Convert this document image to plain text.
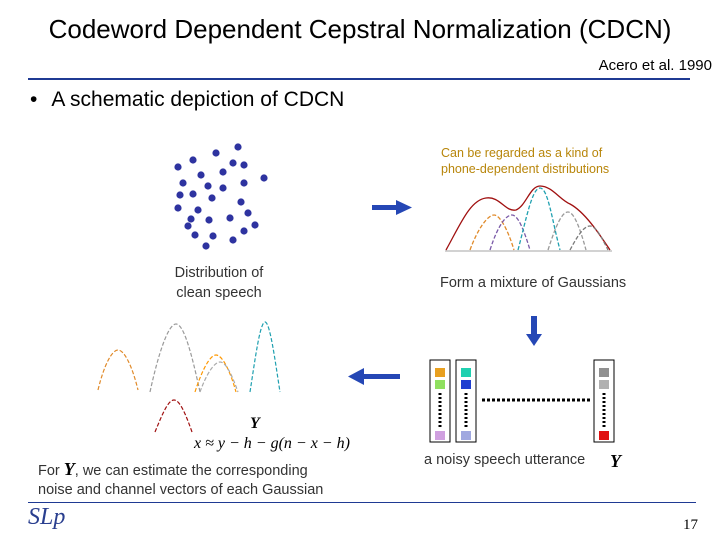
Codeword Dependent Cepstral Normalization (CDCN)
Acero et al. 1990
• A schematic depiction of CDCN
Can be regarded as a kind of
phone-dependent distributions
Distribution of
clean speech
Form a mixture of Gaussians
a noisy speech utterance
For Y, we can estimate the corresponding
noise and channel vectors of each Gaussian
Y
x ≈ y − h − g(n − x − h)
Y
SLp	17
